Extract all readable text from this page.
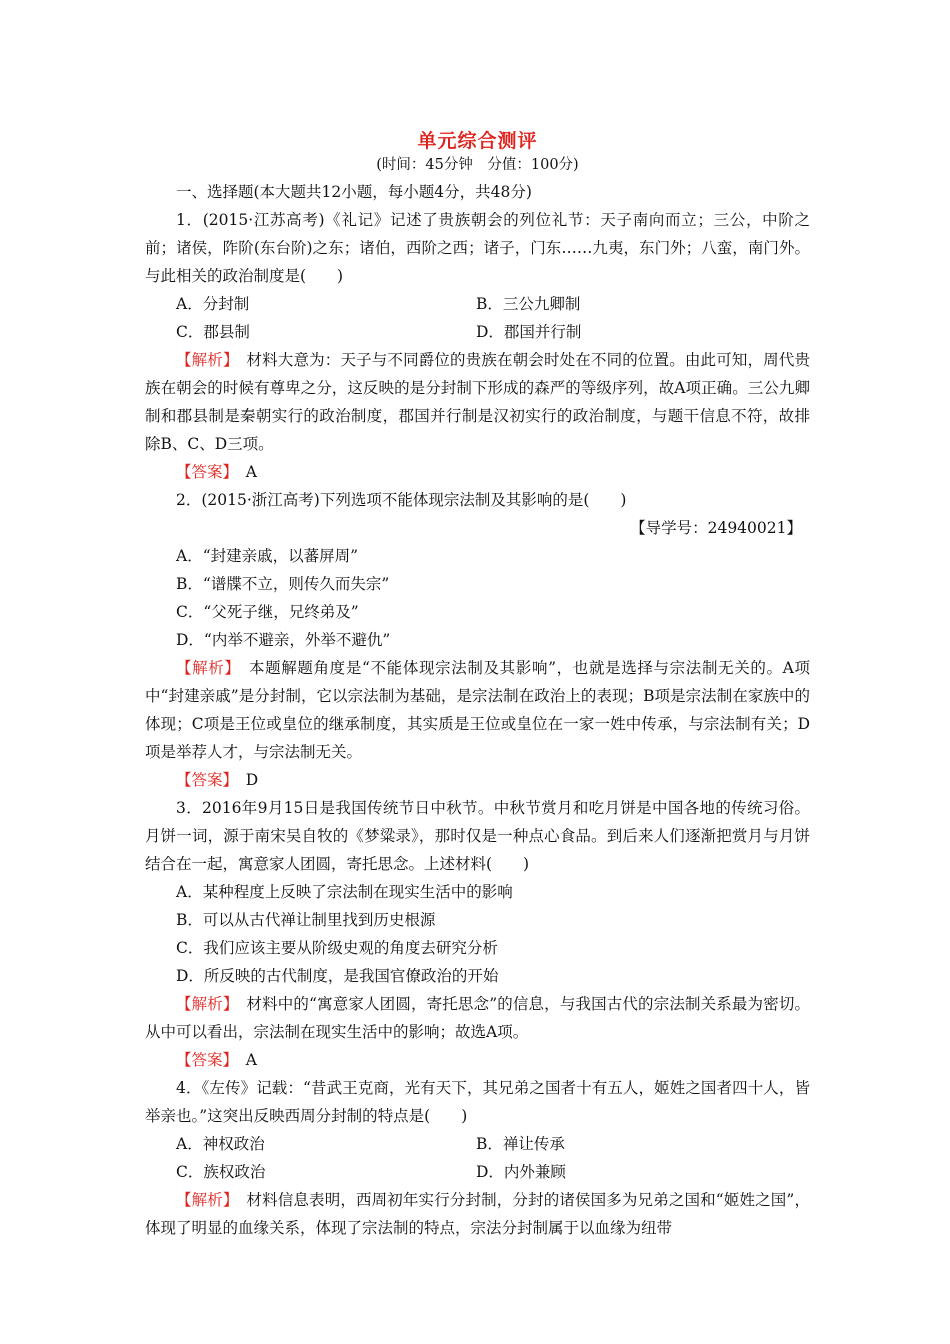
单元综合测评
(时间：45分钟　分值：100分)

一、选择题(本大题共12小题，每小题4分，共48分)

1．(2015·江苏高考)《礼记》记述了贵族朝会的列位礼节：天子南向而立；三公，中阶之前；诸侯，阼阶(东台阶)之东；诸伯，西阶之西；诸子，门东……九夷，东门外；八蛮，南门外。与此相关的政治制度是(　　)

A．分封制	B．三公九卿制
C．郡县制	D．郡国并行制

【解析】　材料大意为：天子与不同爵位的贵族在朝会时处在不同的位置。由此可知，周代贵族在朝会的时候有尊卑之分，这反映的是分封制下形成的森严的等级序列，故A项正确。三公九卿制和郡县制是秦朝实行的政治制度，郡国并行制是汉初实行的政治制度，与题干信息不符，故排除B、C、D三项。

【答案】　A

2．(2015·浙江高考)下列选项不能体现宗法制及其影响的是(　　)

【导学号：24940021】
A．“封建亲戚，以蕃屏周”
B．“谱牒不立，则传久而失宗”
C．“父死子继，兄终弟及”
D．“内举不避亲，外举不避仇”

【解析】　本题解题角度是“不能体现宗法制及其影响”，也就是选择与宗法制无关的。A项中“封建亲戚”是分封制，它以宗法制为基础，是宗法制在政治上的表现；B项是宗法制在家族中的体现；C项是王位或皇位的继承制度，其实质是王位或皇位在一家一姓中传承，与宗法制有关；D项是举荐人才，与宗法制无关。

【答案】　D

3．2016年9月15日是我国传统节日中秋节。中秋节赏月和吃月饼是中国各地的传统习俗。月饼一词，源于南宋吴自牧的《梦粱录》，那时仅是一种点心食品。到后来人们逐渐把赏月与月饼结合在一起，寓意家人团圆，寄托思念。上述材料(　　)

A．某种程度上反映了宗法制在现实生活中的影响
B．可以从古代禅让制里找到历史根源
C．我们应该主要从阶级史观的角度去研究分析
D．所反映的古代制度，是我国官僚政治的开始

【解析】　材料中的“寓意家人团圆，寄托思念”的信息，与我国古代的宗法制关系最为密切。从中可以看出，宗法制在现实生活中的影响；故选A项。

【答案】　A

4．《左传》记载：“昔武王克商，光有天下，其兄弟之国者十有五人，姬姓之国者四十人，皆举亲也。”这突出反映西周分封制的特点是(　　)

A．神权政治	B．禅让传承
C．族权政治	D．内外兼顾

【解析】　材料信息表明，西周初年实行分封制，分封的诸侯国多为兄弟之国和“姬姓之国”，体现了明显的血缘关系，体现了宗法制的特点，宗法分封制属于以血缘为纽带
